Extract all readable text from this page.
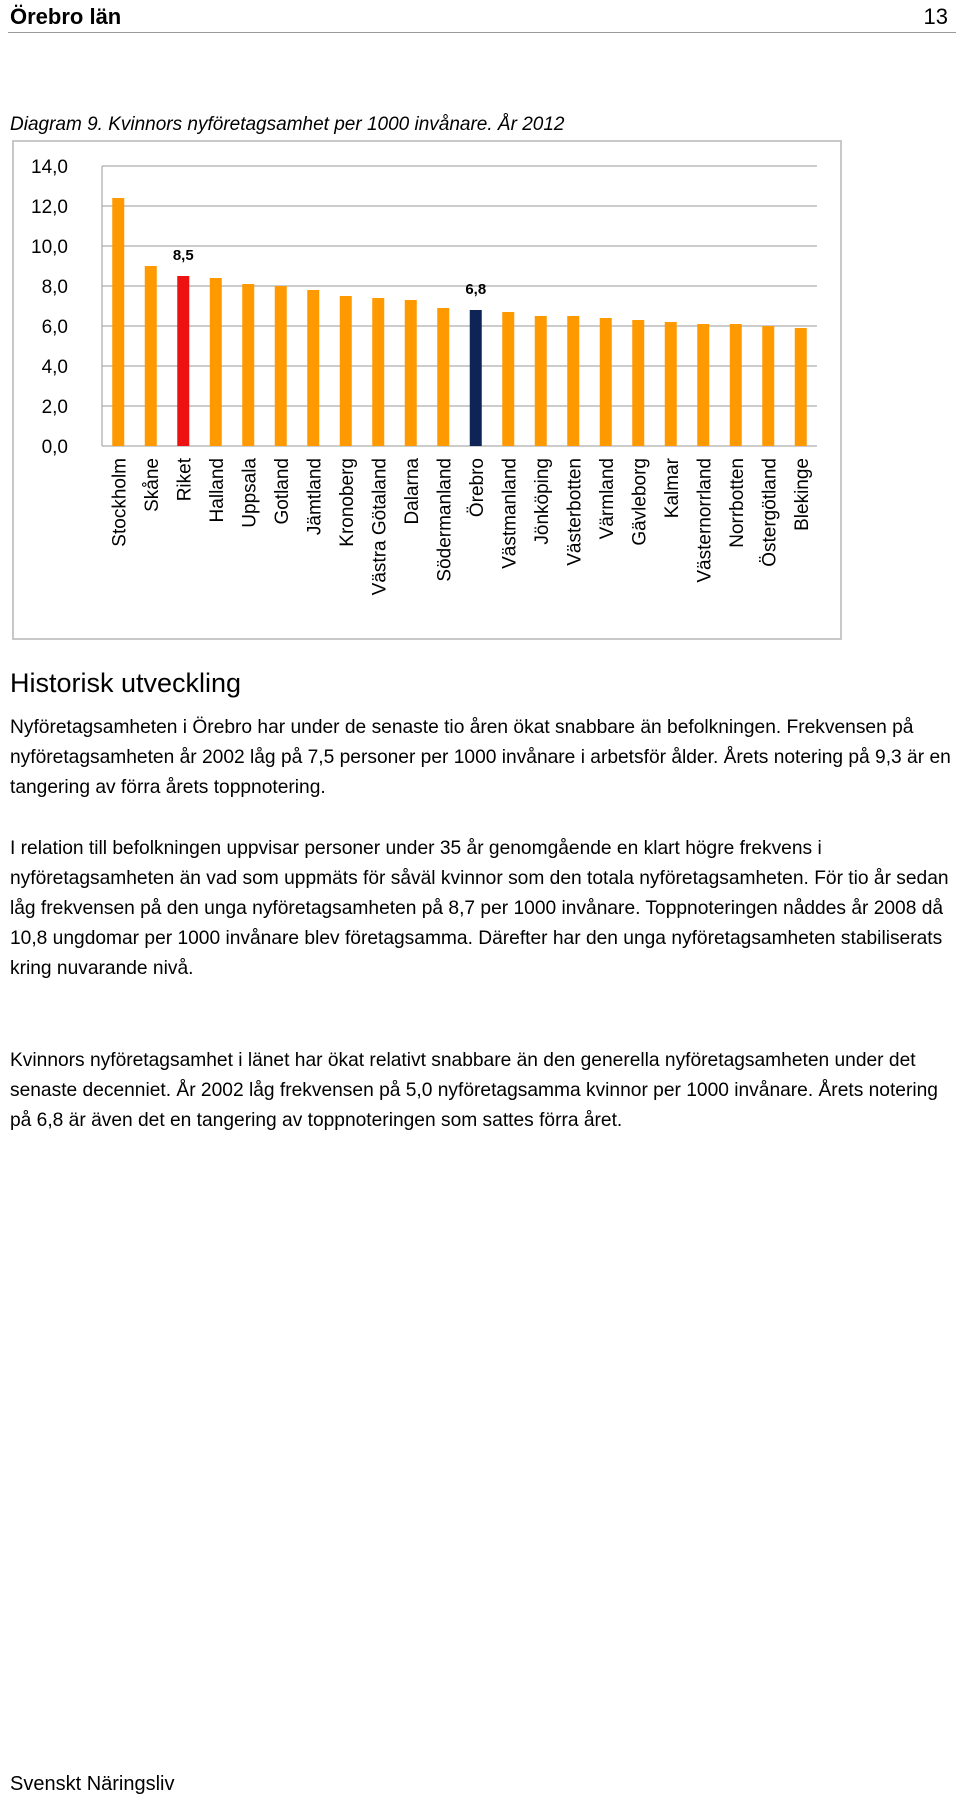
Örebro län	13
Diagram 9. Kvinnors nyföretagsamhet per 1000 invånare. År 2012
0,0
2,0
4,0
6,0
8,0
10,0
12,0
14,0
Stockholm Skåne
8,5
Riket Halland Uppsala Gotland Jämtland Kronoberg Västra Götaland Dalarna Södermanland
6,8
Örebro Västmanland Jönköping Västerbotten Värmland Gävleborg Kalmar Västernorrland Norrbotten Östergötland Blekinge
Historisk utveckling

Nyföretagsamheten i Örebro har under de senaste tio åren ökat snabbare än befolkningen. Frekvensen på nyföretagsamheten år 2002 låg på 7,5 personer per 1000 invånare i arbetsför ålder. Årets notering på 9,3 är en tangering av förra årets toppnotering.

I relation till befolkningen uppvisar personer under 35 år genomgående en klart högre frekvens i nyföretagsamheten än vad som uppmäts för såväl kvinnor som den totala nyföretagsamheten. För tio år sedan låg frekvensen på den unga nyföretagsamheten på 8,7 per 1000 invånare. Toppnoteringen nåddes år 2008 då 10,8 ungdomar per 1000 invånare blev företagsamma. Därefter har den unga nyföretagsamheten stabiliserats kring nuvarande nivå.

Kvinnors nyföretagsamhet i länet har ökat relativt snabbare än den generella nyföretagsamheten under det senaste decenniet. År 2002 låg frekvensen på 5,0 nyföretagsamma kvinnor per 1000 invånare. Årets notering på 6,8 är även det en tangering av toppnoteringen som sattes förra året.

Svenskt Näringsliv
